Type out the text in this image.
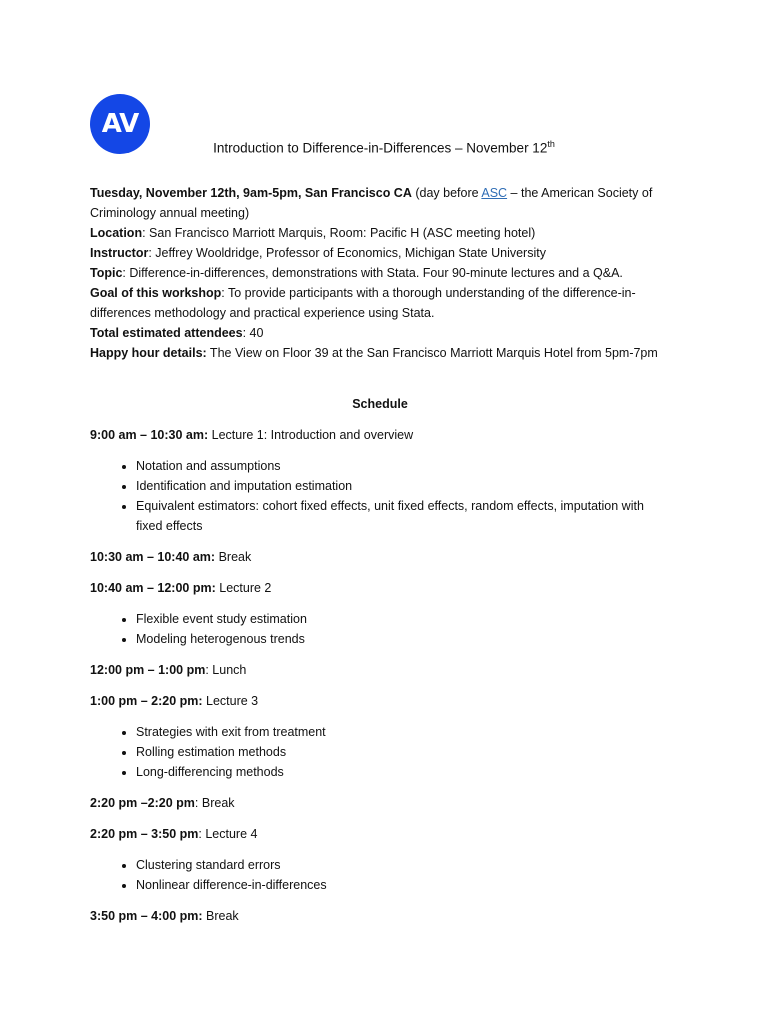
AV
Introduction to Difference-in-Differences – November 12th

Tuesday, November 12th, 9am-5pm, San Francisco CA (day before ASC – the American Society of Criminology annual meeting)

Location: San Francisco Marriott Marquis, Room: Pacific H (ASC meeting hotel)

Instructor: Jeffrey Wooldridge, Professor of Economics, Michigan State University

Topic: Difference-in-differences, demonstrations with Stata. Four 90-minute lectures and a Q&A.

Goal of this workshop: To provide participants with a thorough understanding of the difference-in-differences methodology and practical experience using Stata.

Total estimated attendees: 40

Happy hour details: The View on Floor 39 at the San Francisco Marriott Marquis Hotel from 5pm-7pm

Schedule

9:00 am – 10:30 am: Lecture 1: Introduction and overview

• Notation and assumptions
• Identification and imputation estimation
• Equivalent estimators: cohort fixed effects, unit fixed effects, random effects, imputation with fixed effects

10:30 am – 10:40 am: Break

10:40 am – 12:00 pm: Lecture 2

• Flexible event study estimation
• Modeling heterogenous trends

12:00 pm – 1:00 pm: Lunch

1:00 pm – 2:20 pm: Lecture 3

• Strategies with exit from treatment
• Rolling estimation methods
• Long-differencing methods

2:20 pm –2:20 pm: Break

2:20 pm – 3:50 pm: Lecture 4

• Clustering standard errors
• Nonlinear difference-in-differences

3:50 pm – 4:00 pm: Break
